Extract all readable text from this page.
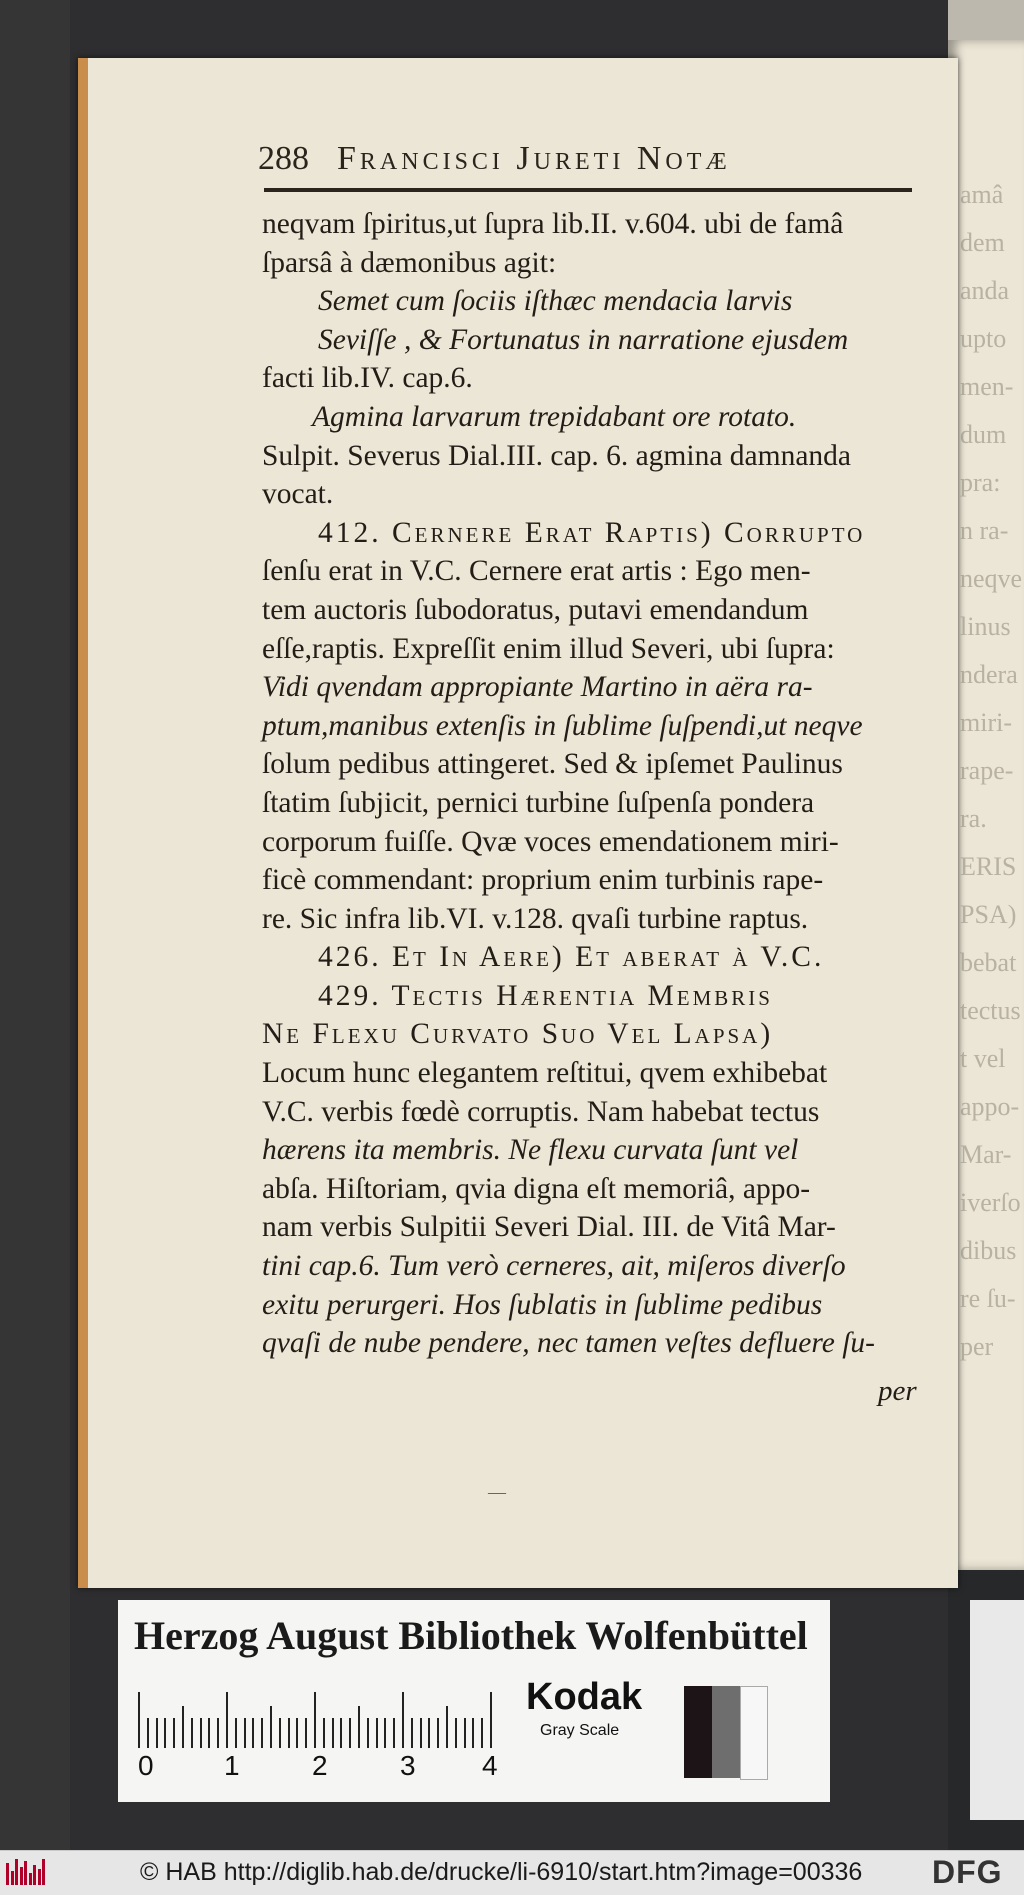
amâ
dem
anda
upto
men-
dum
pra:
n ra-
neqve
linus
ndera
miri-
rape-
ra.
ERIS
PSA)
bebat
tectus
t vel
appo-
Mar-
iverſo
dibus
re ſu-
per
288 Francisci Jureti Notæ
neqvam ſpiritus,ut ſupra lib.II. v.604. ubi de famâ
ſparsâ à dæmonibus agit:
Semet cum ſociis iſthæc mendacia larvis
Seviſſe , & Fortunatus in narratione ejusdem
facti lib.IV. cap.6.
Agmina larvarum trepidabant ore rotato.
Sulpit. Severus Dial.III. cap. 6. agmina damnanda
vocat.
412. Cernere Erat Raptis) Corrupto
ſenſu erat in V.C. Cernere erat artis : Ego men-
tem auctoris ſubodoratus, putavi emendandum
eſſe,raptis. Expreſſit enim illud Severi, ubi ſupra:
Vidi qvendam appropiante Martino in aëra ra-
ptum,manibus extenſis in ſublime ſuſpendi,ut neqve
ſolum pedibus attingeret. Sed & ipſemet Paulinus
ſtatim ſubjicit, pernici turbine ſuſpenſa pondera
corporum fuiſſe. Qvæ voces emendationem miri-
ficè commendant: proprium enim turbinis rape-
re. Sic infra lib.VI. v.128. qvaſi turbine raptus.
426. Et In Aere) Et aberat à V.C.
429. Tectis Hærentia Membris
Ne Flexu Curvato Suo Vel Lapsa)
Locum hunc elegantem reſtitui, qvem exhibebat
V.C. verbis fœdè corruptis. Nam habebat tectus
hærens ita membris. Ne flexu curvata ſunt vel
abſa. Hiſtoriam, qvia digna eſt memoriâ, appo-
nam verbis Sulpitii Severi Dial. III. de Vitâ Mar-
tini cap.6. Tum verò cerneres, ait, miſeros diverſo
exitu perurgeri. Hos ſublatis in ſublime pedibus
qvaſi de nube pendere, nec tamen veſtes defluere ſu-
per
—
Herzog August Bibliothek Wolfenbüttel
0	1	2	3 4
Kodak
Gray Scale
© HAB http://diglib.hab.de/drucke/li-6910/start.htm?image=00336 DFG
